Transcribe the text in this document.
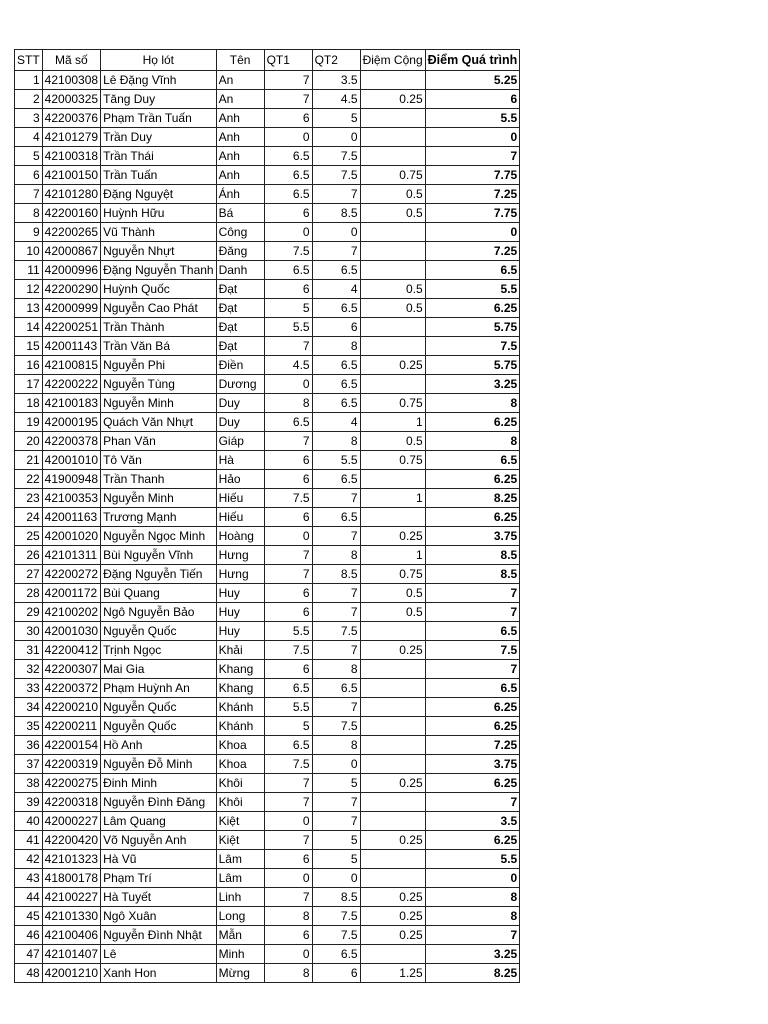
STT	Mã số	Họ lót	Tên	QT1	QT2	Điệm Cộng	Điểm Quá trình
1	42100308	Lê Đặng Vĩnh	An	7	3.5		5.25
2	42000325	Tăng Duy	An	7	4.5	0.25	6
3	42200376	Phạm Trần Tuấn	Anh	6	5		5.5
4	42101279	Trần Duy	Anh	0	0		0
5	42100318	Trần Thái	Anh	6.5	7.5		7
6	42100150	Trần Tuấn	Anh	6.5	7.5	0.75	7.75
7	42101280	Đặng Nguyệt	Ánh	6.5	7	0.5	7.25
8	42200160	Huỳnh Hữu	Bá	6	8.5	0.5	7.75
9	42200265	Vũ Thành	Công	0	0		0
10	42000867	Nguyễn Nhựt	Đăng	7.5	7		7.25
11	42000996	Đặng Nguyễn Thanh	Danh	6.5	6.5		6.5
12	42200290	Huỳnh Quốc	Đạt	6	4	0.5	5.5
13	42000999	Nguyễn Cao Phát	Đạt	5	6.5	0.5	6.25
14	42200251	Trần Thành	Đạt	5.5	6		5.75
15	42001143	Trần Văn Bá	Đạt	7	8		7.5
16	42100815	Nguyễn Phi	Điền	4.5	6.5	0.25	5.75
17	42200222	Nguyễn Tùng	Dương	0	6.5		3.25
18	42100183	Nguyễn Minh	Duy	8	6.5	0.75	8
19	42000195	Quách Văn Nhựt	Duy	6.5	4	1	6.25
20	42200378	Phan Văn	Giáp	7	8	0.5	8
21	42001010	Tô Văn	Hà	6	5.5	0.75	6.5
22	41900948	Trần Thanh	Hảo	6	6.5		6.25
23	42100353	Nguyễn Minh	Hiếu	7.5	7	1	8.25
24	42001163	Trương Mạnh	Hiếu	6	6.5		6.25
25	42001020	Nguyễn Ngọc Minh	Hoàng	0	7	0.25	3.75
26	42101311	Bùi Nguyễn Vĩnh	Hưng	7	8	1	8.5
27	42200272	Đặng Nguyễn Tiến	Hưng	7	8.5	0.75	8.5
28	42001172	Bùi Quang	Huy	6	7	0.5	7
29	42100202	Ngô Nguyễn Bảo	Huy	6	7	0.5	7
30	42001030	Nguyễn Quốc	Huy	5.5	7.5		6.5
31	42200412	Trịnh Ngọc	Khải	7.5	7	0.25	7.5
32	42200307	Mai Gia	Khang	6	8		7
33	42200372	Phạm Huỳnh An	Khang	6.5	6.5		6.5
34	42200210	Nguyễn Quốc	Khánh	5.5	7		6.25
35	42200211	Nguyễn Quốc	Khánh	5	7.5		6.25
36	42200154	Hồ Anh	Khoa	6.5	8		7.25
37	42200319	Nguyễn Đỗ Minh	Khoa	7.5	0		3.75
38	42200275	Đinh Minh	Khôi	7	5	0.25	6.25
39	42200318	Nguyễn Đình Đăng	Khôi	7	7		7
40	42000227	Lâm Quang	Kiệt	0	7		3.5
41	42200420	Võ Nguyễn Anh	Kiệt	7	5	0.25	6.25
42	42101323	Hà Vũ	Lâm	6	5		5.5
43	41800178	Phạm Trí	Lâm	0	0		0
44	42100227	Hà Tuyết	Linh	7	8.5	0.25	8
45	42101330	Ngô Xuân	Long	8	7.5	0.25	8
46	42100406	Nguyễn Đình Nhật	Mẫn	6	7.5	0.25	7
47	42101407	Lê	Minh	0	6.5		3.25
48	42001210	Xanh Hon	Mừng	8	6	1.25	8.25
